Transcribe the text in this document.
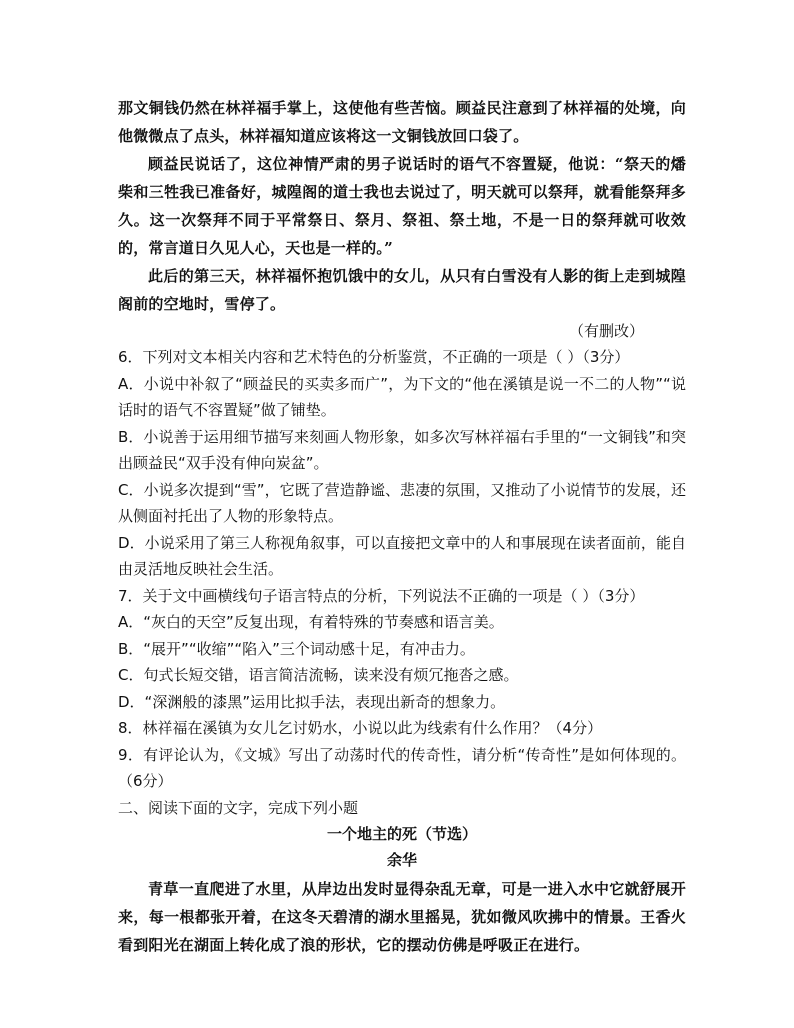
那文铜钱仍然在林祥福手掌上，这使他有些苦恼。顾益民注意到了林祥福的处境，向他微微点了点头，林祥福知道应该将这一文铜钱放回口袋了。

顾益民说话了，这位神情严肃的男子说话时的语气不容置疑，他说：“祭天的燔柴和三牲我已准备好，城隍阁的道士我也去说过了，明天就可以祭拜，就看能祭拜多久。这一次祭拜不同于平常祭日、祭月、祭祖、祭土地，不是一日的祭拜就可收效的，常言道日久见人心，天也是一样的。”

此后的第三天，林祥福怀抱饥饿中的女儿，从只有白雪没有人影的街上走到城隍阁前的空地时，雪停了。

（有删改）

6．下列对文本相关内容和艺术特色的分析鉴赏，不正确的一项是（ ）（3分）

A．小说中补叙了“顾益民的买卖多而广”，为下文的“他在溪镇是说一不二的人物”“说话时的语气不容置疑”做了铺垫。

B．小说善于运用细节描写来刻画人物形象，如多次写林祥福右手里的“一文铜钱”和突出顾益民“双手没有伸向炭盆”。

C．小说多次提到“雪”，它既了营造静谧、悲凄的氛围，又推动了小说情节的发展，还从侧面衬托出了人物的形象特点。

D．小说采用了第三人称视角叙事，可以直接把文章中的人和事展现在读者面前，能自由灵活地反映社会生活。

7．关于文中画横线句子语言特点的分析，下列说法不正确的一项是（ ）（3分）

A．“灰白的天空”反复出现，有着特殊的节奏感和语言美。

B．“展开”“收缩”“陷入”三个词动感十足，有冲击力。

C．句式长短交错，语言简洁流畅，读来没有烦冗拖沓之感。

D．“深渊般的漆黑”运用比拟手法，表现出新奇的想象力。

8．林祥福在溪镇为女儿乞讨奶水，小说以此为线索有什么作用？（4分）

9．有评论认为，《文城》写出了动荡时代的传奇性，请分析“传奇性”是如何体现的。（6分）

二、阅读下面的文字，完成下列小题

一个地主的死（节选）

余华

青草一直爬进了水里，从岸边出发时显得杂乱无章，可是一进入水中它就舒展开来，每一根都张开着，在这冬天碧清的湖水里摇晃，犹如微风吹拂中的情景。王香火看到阳光在湖面上转化成了浪的形状，它的摆动仿佛是呼吸正在进行。
